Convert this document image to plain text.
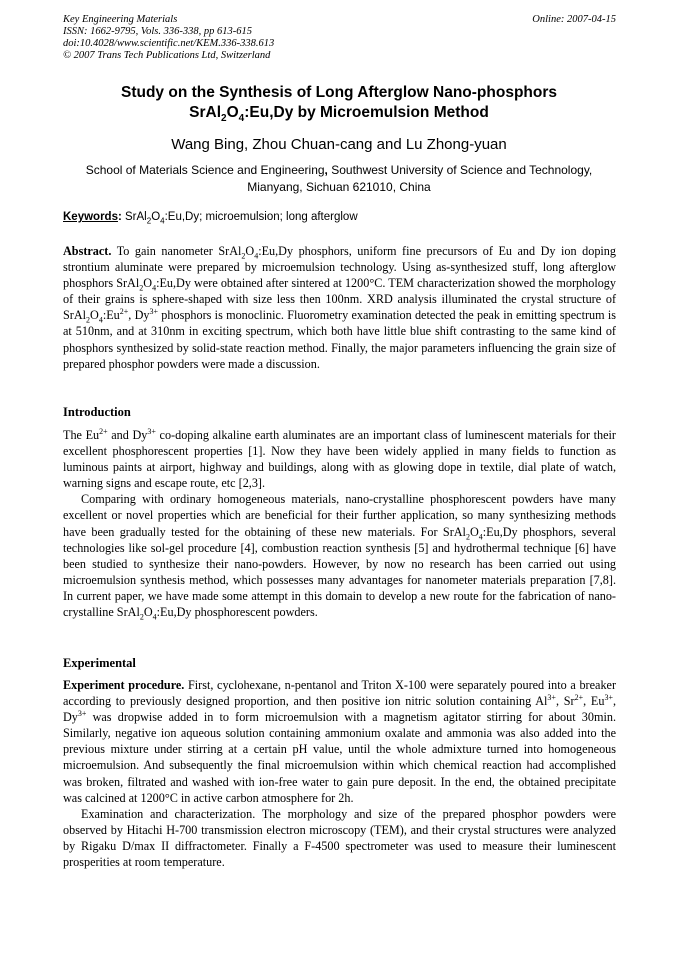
Key Engineering Materials
ISSN: 1662-9795, Vols. 336-338, pp 613-615
doi:10.4028/www.scientific.net/KEM.336-338.613
© 2007 Trans Tech Publications Ltd, Switzerland
Online: 2007-04-15
Study on the Synthesis of Long Afterglow Nano-phosphors
$SrAl_2O_4:Eu,Dy$ by Microemulsion Method
Wang Bing, Zhou Chuan-cang and Lu Zhong-yuan
School of Materials Science and Engineering, Southwest University of Science and Technology,
Mianyang, Sichuan 621010, China
Keywords: $SrAl_2O_4:Eu,Dy$; microemulsion; long afterglow

Abstract. To gain nanometer $SrAl_2O_4:Eu,Dy$ phosphors, uniform fine precursors of Eu and Dy ion doping strontium aluminate were prepared by microemulsion technology. Using as-synthesized stuff, long afterglow phosphors $SrAl_2O_4:Eu,Dy$ were obtained after sintered at 1200°C. TEM characterization showed the morphology of their grains is sphere-shaped with size less then 100nm. XRD analysis illuminated the crystal structure of $SrAl_2O_4:Eu^{2+}$, $Dy^{3+}$ phosphors is monoclinic. Fluorometry examination detected the peak in emitting spectrum is at 510nm, and at 310nm in exciting spectrum, which both have little blue shift contrasting to the same kind of phosphors synthesized by solid-state reaction method. Finally, the major parameters influencing the grain size of prepared phosphor powders were made a discussion.

Introduction

The $Eu^{2+}$ and $Dy^{3+}$ co-doping alkaline earth aluminates are an important class of luminescent materials for their excellent phosphorescent properties [1]. Now they have been widely applied in many fields to function as luminous paints at airport, highway and buildings, along with as glowing dope in textile, dial plate of watch, warning signs and escape route, etc [2,3].

Comparing with ordinary homogeneous materials, nano-crystalline phosphorescent powders have many excellent or novel properties which are beneficial for their further application, so many synthesizing methods have been gradually tested for the obtaining of these new materials. For $SrAl_2O_4:Eu,Dy$ phosphors, several technologies like sol-gel procedure [4], combustion reaction synthesis [5] and hydrothermal technique [6] have been studied to synthesize their nano-powders. However, by now no research has been carried out using microemulsion synthesis method, which possesses many advantages for nanometer materials preparation [7,8]. In current paper, we have made some attempt in this domain to develop a new route for the fabrication of nano-crystalline $SrAl_2O_4:Eu,Dy$ phosphorescent powders.

Experimental

Experiment procedure. First, cyclohexane, n-pentanol and Triton X-100 were separately poured into a breaker according to previously designed proportion, and then positive ion nitric solution containing $Al^{3+}$, $Sr^{2+}$, $Eu^{3+}$, $Dy^{3+}$ was dropwise added in to form microemulsion with a magnetism agitator stirring for about 30min. Similarly, negative ion aqueous solution containing ammonium oxalate and ammonia was also added into the previous mixture under stirring at a certain pH value, until the whole admixture turned into homogeneous microemulsion. And subsequently the final microemulsion within which chemical reaction had accomplished was broken, filtrated and washed with ion-free water to gain pure deposit. In the end, the obtained precipitate was calcined at 1200°C in active carbon atmosphere for 2h.

Examination and characterization. The morphology and size of the prepared phosphor powders were observed by Hitachi H-700 transmission electron microscopy (TEM), and their crystal structures were analyzed by Rigaku D/max II diffractometer. Finally a F-4500 spectrometer was used to measure their luminescent prosperities at room temperature.
